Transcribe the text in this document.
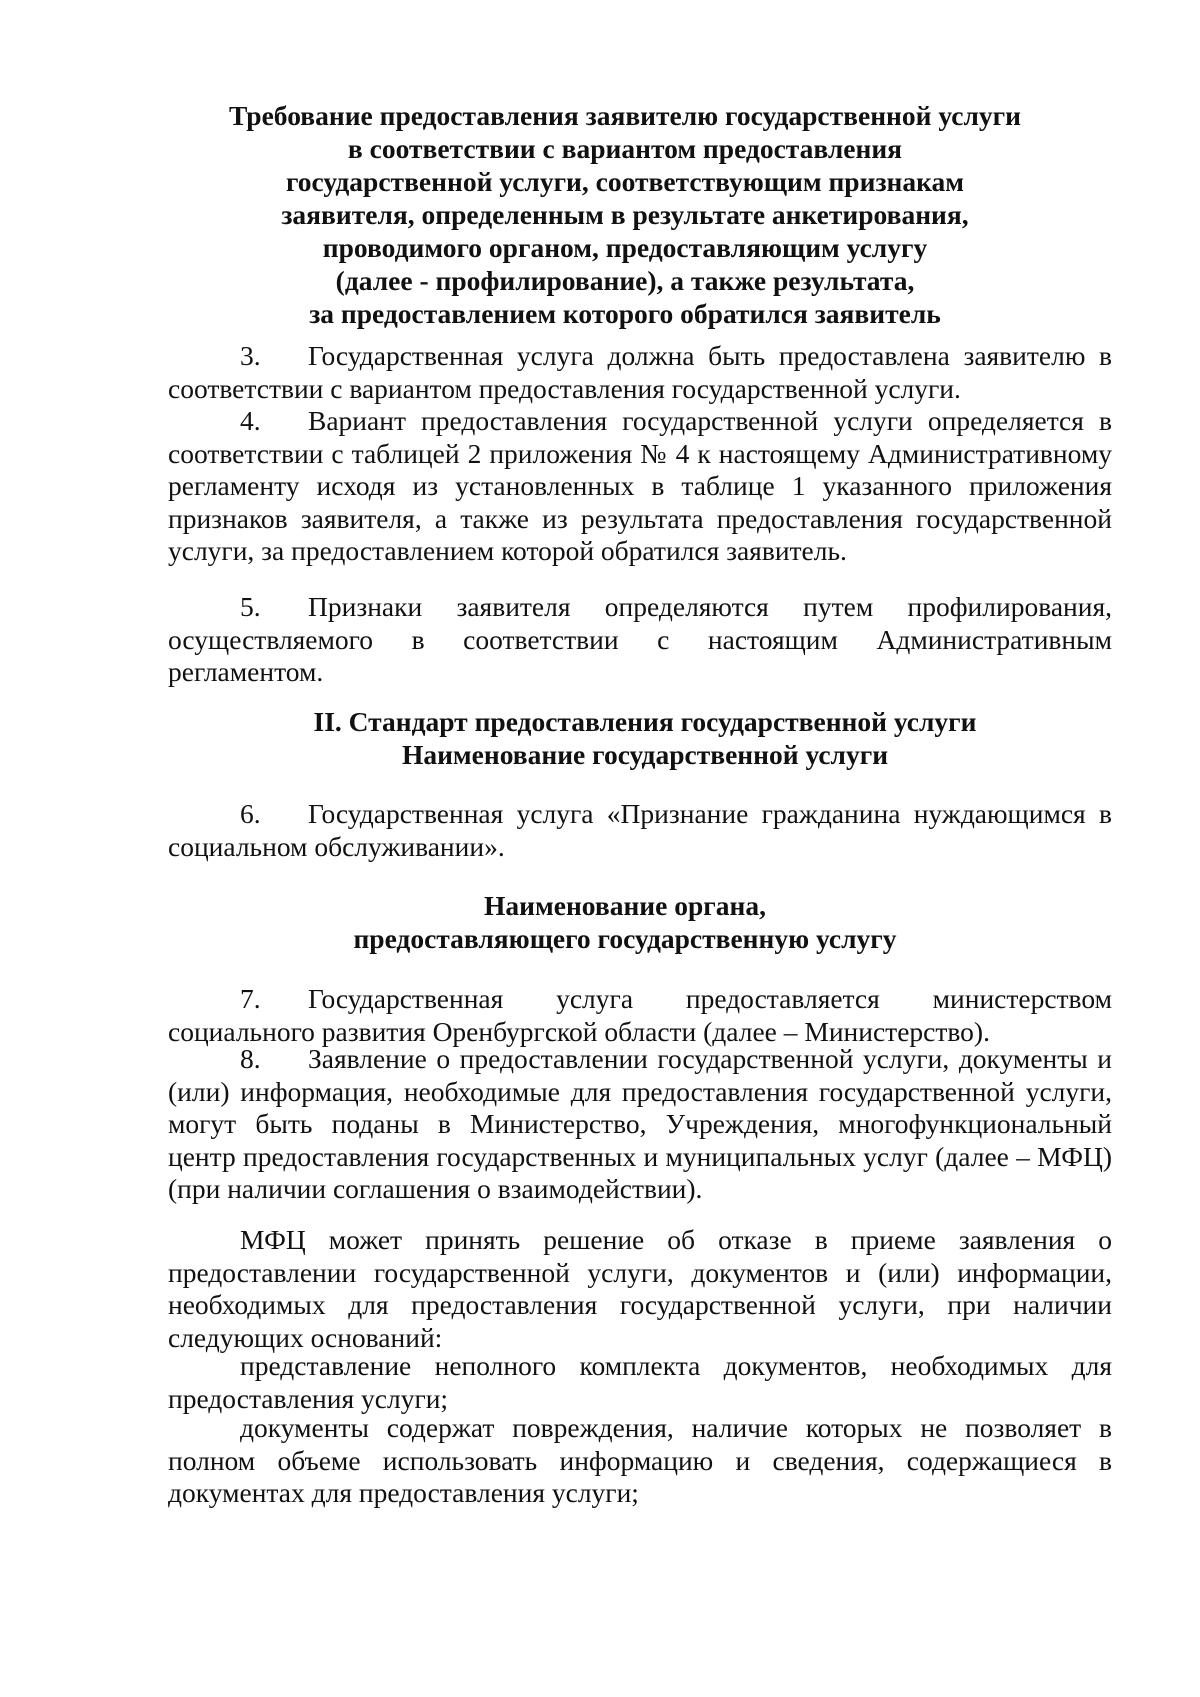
Требование предоставления заявителю государственной услуги
в соответствии с вариантом предоставления
государственной услуги, соответствующим признакам
заявителя, определенным в результате анкетирования,
проводимого органом, предоставляющим услугу
(далее - профилирование), а также результата,
за предоставлением которого обратился заявитель

3. Государственная услуга должна быть предоставлена заявителю в соответствии с вариантом предоставления государственной услуги.

4. Вариант предоставления государственной услуги определяется в соответствии с таблицей 2 приложения № 4 к настоящему Административному регламенту исходя из установленных в таблице 1 указанного приложения признаков заявителя, а также из результата предоставления государственной услуги, за предоставлением которой обратился заявитель.

5. Признаки заявителя определяются путем профилирования, осуществляемого в соответствии с настоящим Административным регламентом.

II. Стандарт предоставления государственной услуги
Наименование государственной услуги

6. Государственная услуга «Признание гражданина нуждающимся в социальном обслуживании».

Наименование органа,
предоставляющего государственную услугу

7. Государственная услуга предоставляется министерством социального развития Оренбургской области (далее – Министерство).

8. Заявление о предоставлении государственной услуги, документы и (или) информация, необходимые для предоставления государственной услуги, могут быть поданы в Министерство, Учреждения, многофункциональный центр предоставления государственных и муниципальных услуг (далее – МФЦ) (при наличии соглашения о взаимодействии).

МФЦ может принять решение об отказе в приеме заявления о предоставлении государственной услуги, документов и (или) информации, необходимых для предоставления государственной услуги, при наличии следующих оснований:

представление неполного комплекта документов, необходимых для предоставления услуги;

документы содержат повреждения, наличие которых не позволяет в полном объеме использовать информацию и сведения, содержащиеся в документах для предоставления услуги;
